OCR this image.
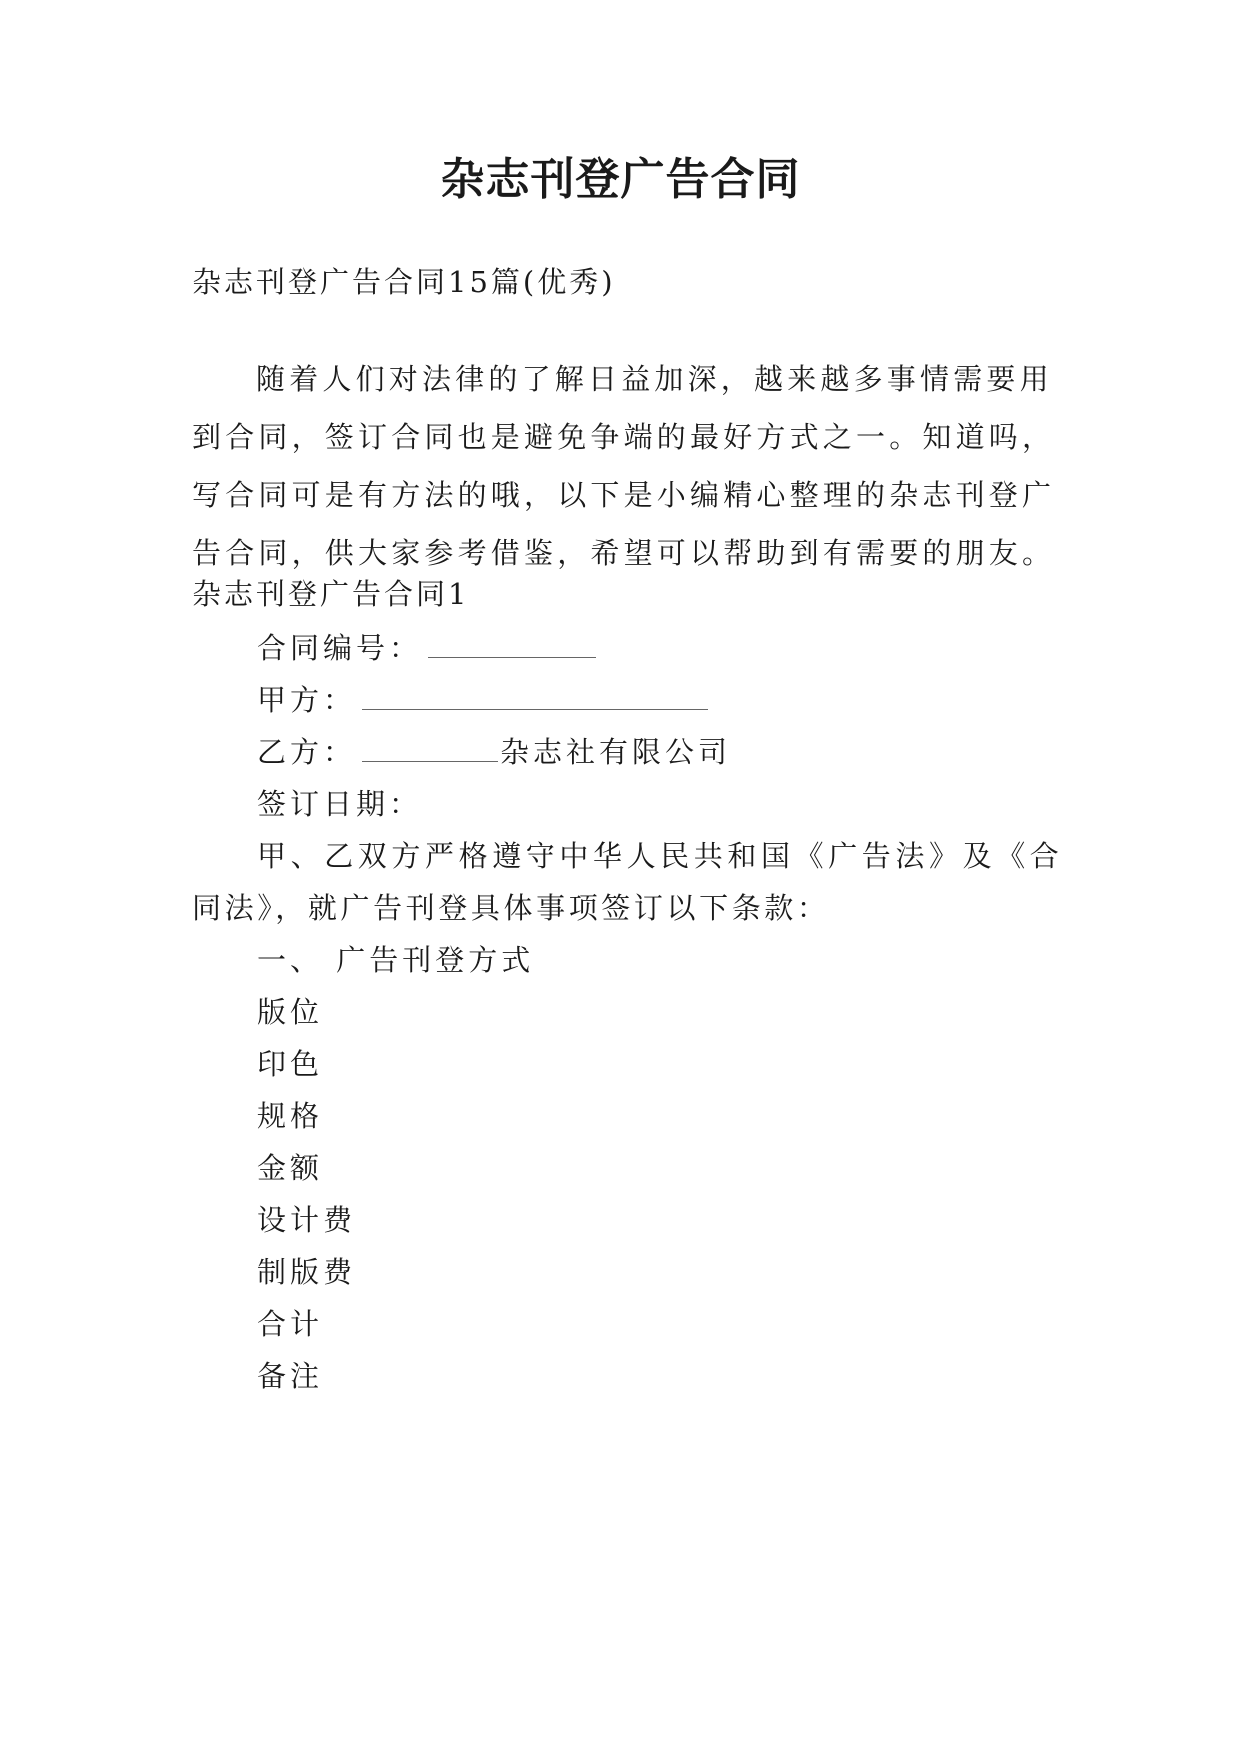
杂志刊登广告合同
杂志刊登广告合同15篇(优秀)
随着人们对法律的了解日益加深，越来越多事情需要用
到合同，签订合同也是避免争端的最好方式之一。知道吗，
写合同可是有方法的哦，以下是小编精心整理的杂志刊登广
告合同，供大家参考借鉴，希望可以帮助到有需要的朋友。
杂志刊登广告合同1
合同编号：
甲方：
乙方：	杂志社有限公司
签订日期：
甲、乙双方严格遵守中华人民共和国《广告法》及《合
同法》，就广告刊登具体事项签订以下条款：
一、 广告刊登方式
版位
印色
规格
金额
设计费
制版费
合计
备注
